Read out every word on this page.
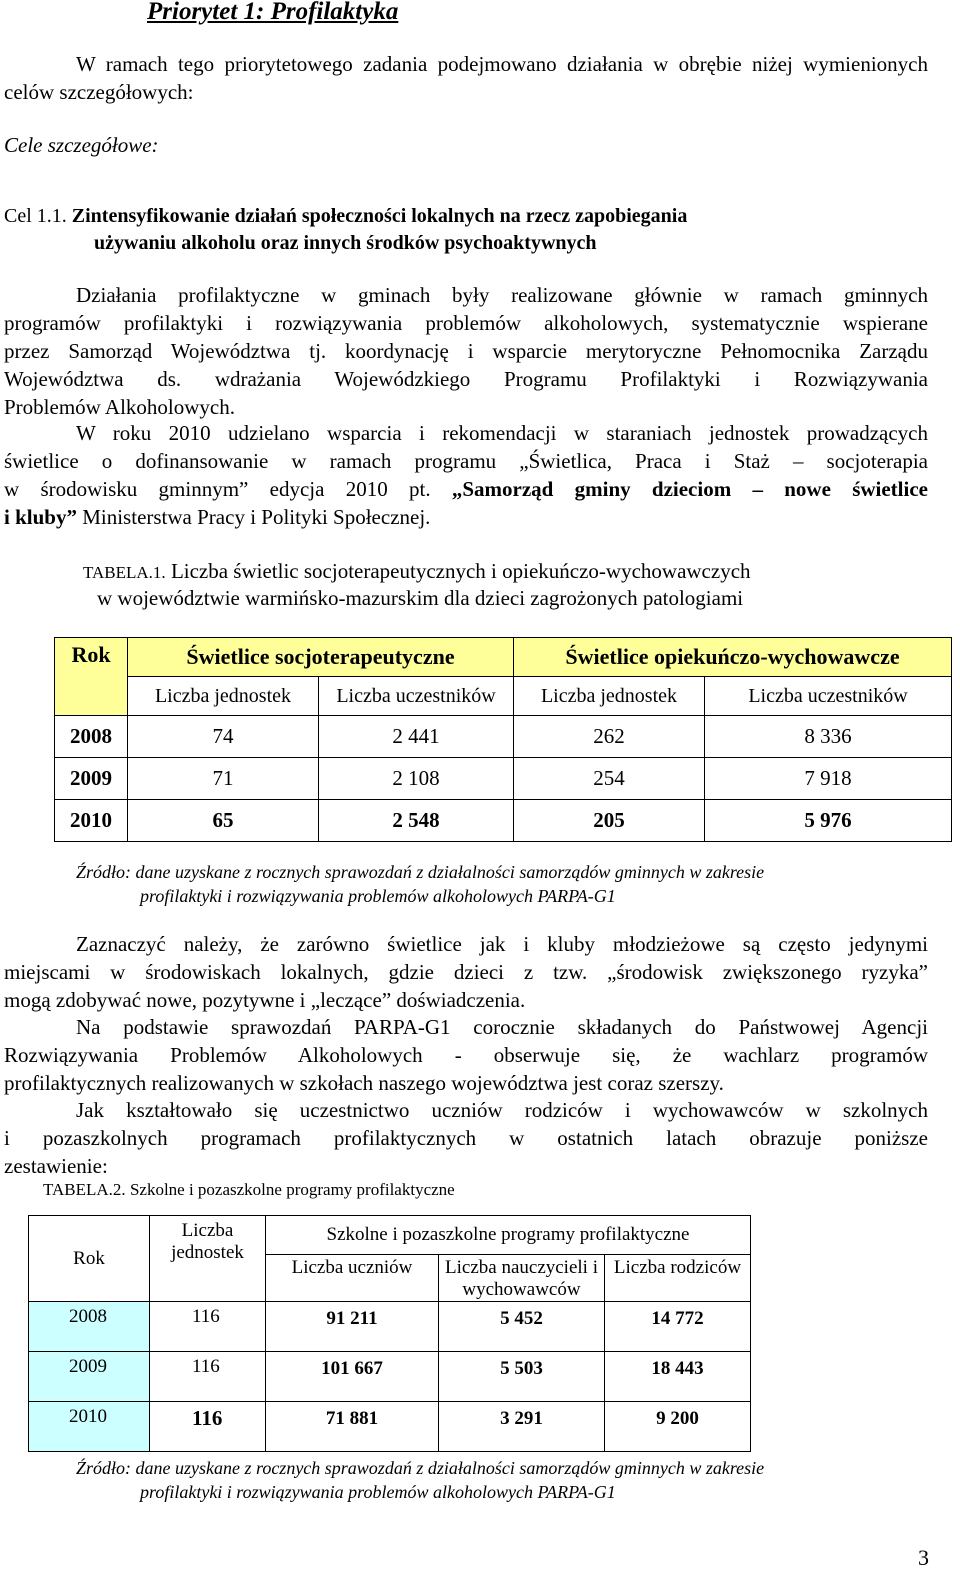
Priorytet 1: Profilaktyka
W ramach tego priorytetowego zadania podejmowano działania w obrębie niżej wymienionych celów szczegółowych:
Cele szczegółowe:
Cel 1.1. Zintensyfikowanie działań społeczności lokalnych na rzecz zapobiegania
używaniu alkoholu oraz innych środków psychoaktywnych
Działania profilaktyczne w gminach były realizowane głównie w ramach gminnych
programów profilaktyki i rozwiązywania problemów alkoholowych, systematycznie wspierane
przez Samorząd Województwa tj. koordynację i wsparcie merytoryczne Pełnomocnika Zarządu
Województwa ds. wdrażania Wojewódzkiego Programu Profilaktyki i Rozwiązywania
Problemów Alkoholowych.
W roku 2010 udzielano wsparcia i rekomendacji w staraniach jednostek prowadzących
świetlice o dofinansowanie w ramach programu „Świetlica, Praca i Staż – socjoterapia
w środowisku gminnym” edycja 2010 pt. „Samorząd gminy dzieciom – nowe świetlice
i kluby” Ministerstwa Pracy i Polityki Społecznej.
TABELA.1. Liczba świetlic socjoterapeutycznych i opiekuńczo-wychowawczych
w województwie warmińsko-mazurskim dla dzieci zagrożonych patologiami
Rok	Świetlice socjoterapeutyczne		Świetlice opiekuńczo-wychowawcze	
	Liczba jednostek	Liczba uczestników	Liczba jednostek	Liczba uczestników
2008	74	2 441	262	8 336
2009	71	2 108	254	7 918
2010	65	2 548	205	5 976
Źródło: dane uzyskane z rocznych sprawozdań z działalności samorządów gminnych w zakresie
profilaktyki i rozwiązywania problemów alkoholowych PARPA-G1
Zaznaczyć należy, że zarówno świetlice jak i kluby młodzieżowe są często jedynymi
miejscami w środowiskach lokalnych, gdzie dzieci z tzw. „środowisk zwiększonego ryzyka”
mogą zdobywać nowe, pozytywne i „leczące” doświadczenia.
Na podstawie sprawozdań PARPA-G1 corocznie składanych do Państwowej Agencji
Rozwiązywania Problemów Alkoholowych - obserwuje się, że wachlarz programów
profilaktycznych realizowanych w szkołach naszego województwa jest coraz szerszy.
Jak kształtowało się uczestnictwo uczniów rodziców i wychowawców w szkolnych
i pozaszkolnych programach profilaktycznych w ostatnich latach obrazuje poniższe
zestawienie:
TABELA.2. Szkolne i pozaszkolne programy profilaktyczne
Rok	Liczba jednostek	Szkolne i pozaszkolne programy profilaktyczne		
		Liczba uczniów	Liczba nauczycieli i wychowawców	Liczba rodziców
2008	116	91 211	5 452	14 772
2009	116	101 667	5 503	18 443
2010	116	71 881	3 291	9 200
Źródło: dane uzyskane z rocznych sprawozdań z działalności samorządów gminnych w zakresie
profilaktyki i rozwiązywania problemów alkoholowych PARPA-G1
3
